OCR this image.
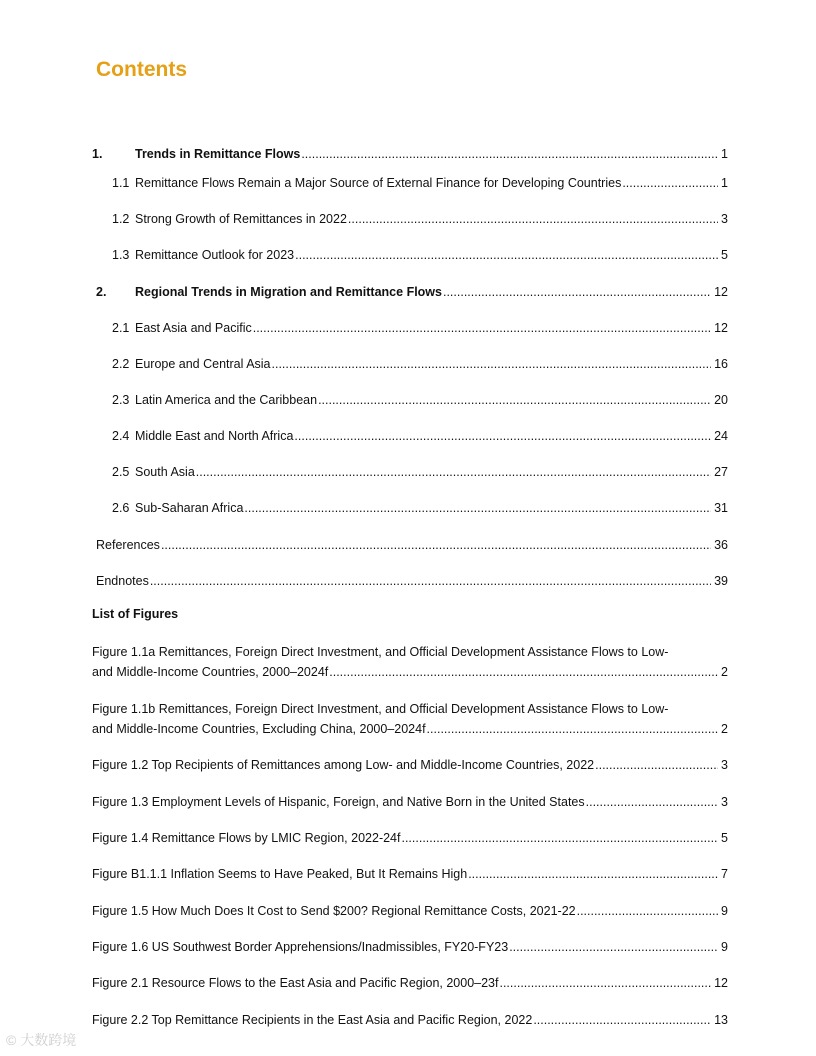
Contents
1.	Trends in Remittance Flows .....	1
1.1 Remittance Flows Remain a Major Source of External Finance for Developing Countries .....	1
1.2 Strong Growth of Remittances in 2022 .....	3
1.3 Remittance Outlook for 2023 .....	5
2.	Regional Trends in Migration and Remittance Flows .....	12
2.1 East Asia and Pacific .....	12
2.2 Europe and Central Asia .....	16
2.3 Latin America and the Caribbean .....	20
2.4 Middle East and North Africa .....	24
2.5 South Asia .....	27
2.6 Sub-Saharan Africa .....	31
References .....	36
Endnotes .....	39
List of Figures
Figure 1.1a Remittances, Foreign Direct Investment, and Official Development Assistance Flows to Low-
and Middle-Income Countries, 2000–2024f .....	2
Figure 1.1b Remittances, Foreign Direct Investment, and Official Development Assistance Flows to Low-
and Middle-Income Countries, Excluding China, 2000–2024f .....	2
Figure 1.2 Top Recipients of Remittances among Low- and Middle-Income Countries, 2022 .....	3
Figure 1.3 Employment Levels of Hispanic, Foreign, and Native Born in the United States .....	3
Figure 1.4 Remittance Flows by LMIC Region, 2022-24f .....	5
Figure B1.1.1 Inflation Seems to Have Peaked, But It Remains High .....	7
Figure 1.5 How Much Does It Cost to Send $200? Regional Remittance Costs, 2021-22 .....	9
Figure 1.6 US Southwest Border Apprehensions/Inadmissibles, FY20-FY23 .....	9
Figure 2.1 Resource Flows to the East Asia and Pacific Region, 2000–23f .....	12
Figure 2.2 Top Remittance Recipients in the East Asia and Pacific Region, 2022 .....	13
© 大数跨境
